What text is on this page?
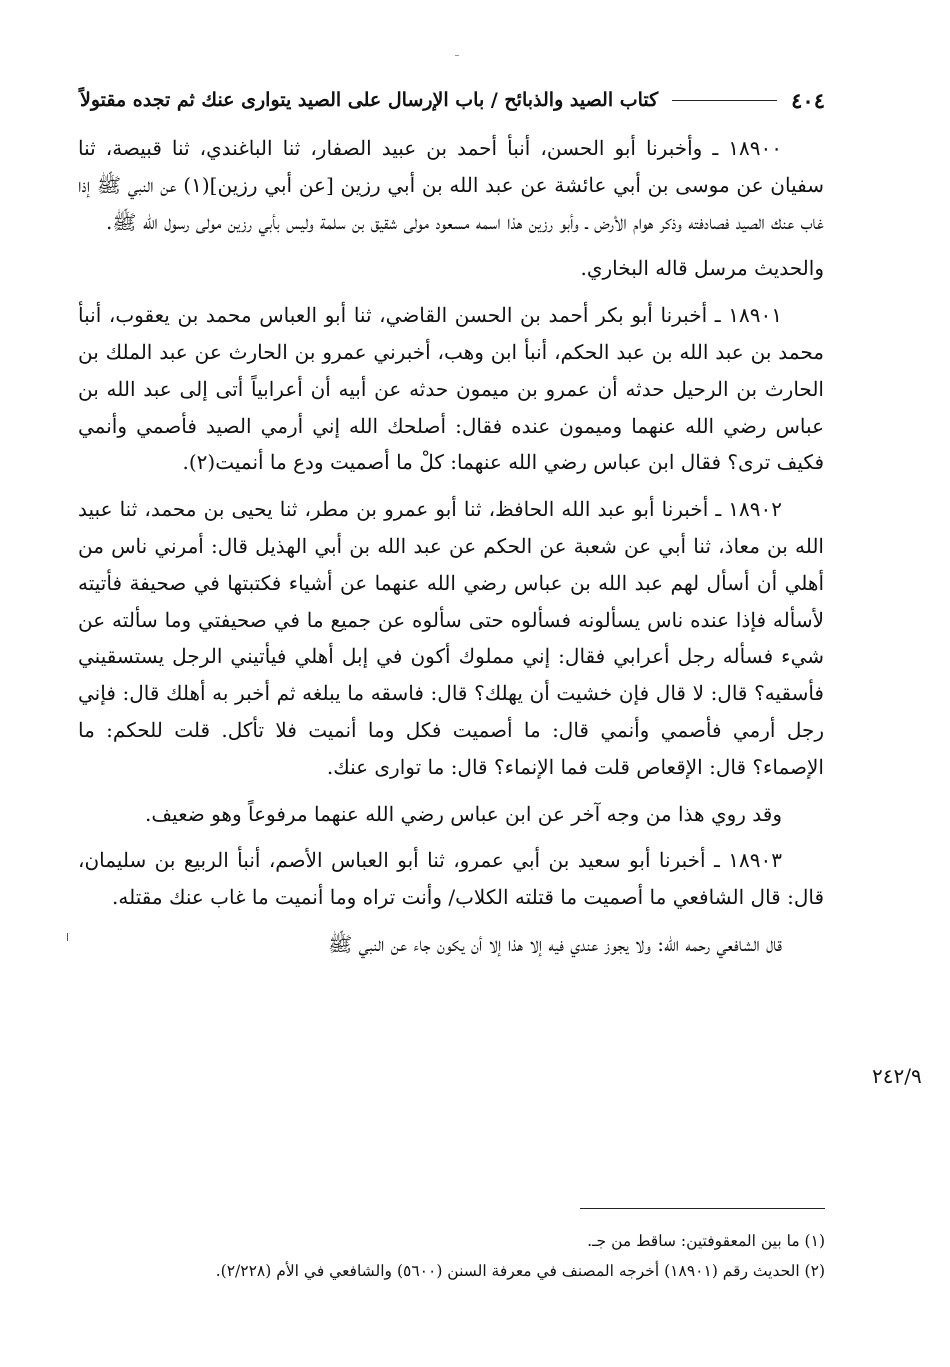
٤٠٤
كتاب الصيد والذبائح / باب الإرسال على الصيد يتوارى عنك ثم تجده مقتولاً

١٨٩٠٠ ـ وأخبرنا أبو الحسن، أنبأ أحمد بن عبيد الصفار، ثنا الباغندي، ثنا قبيصة، ثنا سفيان عن موسى بن أبي عائشة عن عبد الله بن أبي رزين [عن أبي رزين](١) عن النبي ﷺ إذا غاب عنك الصيد فصادفته وذكر هوام الأرض ـ وأبو رزين هذا اسمه مسعود مولى شقيق بن سلمة وليس بأبي رزين مولى رسول الله ﷺ.

والحديث مرسل قاله البخاري.

١٨٩٠١ ـ أخبرنا أبو بكر أحمد بن الحسن القاضي، ثنا أبو العباس محمد بن يعقوب، أنبأ محمد بن عبد الله بن عبد الحكم، أنبأ ابن وهب، أخبرني عمرو بن الحارث عن عبد الملك بن الحارث بن الرحيل حدثه أن عمرو بن ميمون حدثه عن أبيه أن أعرابياً أتى إلى عبد الله بن عباس رضي الله عنهما وميمون عنده فقال: أصلحك الله إني أرمي الصيد فأصمي وأنمي فكيف ترى؟ فقال ابن عباس رضي الله عنهما: كلْ ما أصميت ودع ما أنميت(٢).

١٨٩٠٢ ـ أخبرنا أبو عبد الله الحافظ، ثنا أبو عمرو بن مطر، ثنا يحيى بن محمد، ثنا عبيد الله بن معاذ، ثنا أبي عن شعبة عن الحكم عن عبد الله بن أبي الهذيل قال: أمرني ناس من أهلي أن أسأل لهم عبد الله بن عباس رضي الله عنهما عن أشياء فكتبتها في صحيفة فأتيته لأسأله فإذا عنده ناس يسألونه فسألوه حتى سألوه عن جميع ما في صحيفتي وما سألته عن شيء فسأله رجل أعرابي فقال: إني مملوك أكون في إبل أهلي فيأتيني الرجل يستسقيني فأسقيه؟ قال: لا قال فإن خشيت أن يهلك؟ قال: فاسقه ما يبلغه ثم أخبر به أهلك قال: فإني رجل أرمي فأصمي وأنمي قال: ما أصميت فكل وما أنميت فلا تأكل. قلت للحكم: ما الإصماء؟ قال: الإقعاص قلت فما الإنماء؟ قال: ما توارى عنك.

وقد روي هذا من وجه آخر عن ابن عباس رضي الله عنهما مرفوعاً وهو ضعيف.

١٨٩٠٣ ـ أخبرنا أبو سعيد بن أبي عمرو، ثنا أبو العباس الأصم، أنبأ الربيع بن سليمان، قال: قال الشافعي ما أصميت ما قتلته الكلاب/ وأنت تراه وما أنميت ما غاب عنك مقتله.

قال الشافعي رحمه الله: ولا يجوز عندي فيه إلا هذا إلا أن يكون جاء عن النبي ﷺ

٢٤٢/٩

(١) ما بين المعقوفتين: ساقط من جـ.

(٢) الحديث رقم (١٨٩٠١) أخرجه المصنف في معرفة السنن (٥٦٠٠) والشافعي في الأم (٢/٢٢٨).
